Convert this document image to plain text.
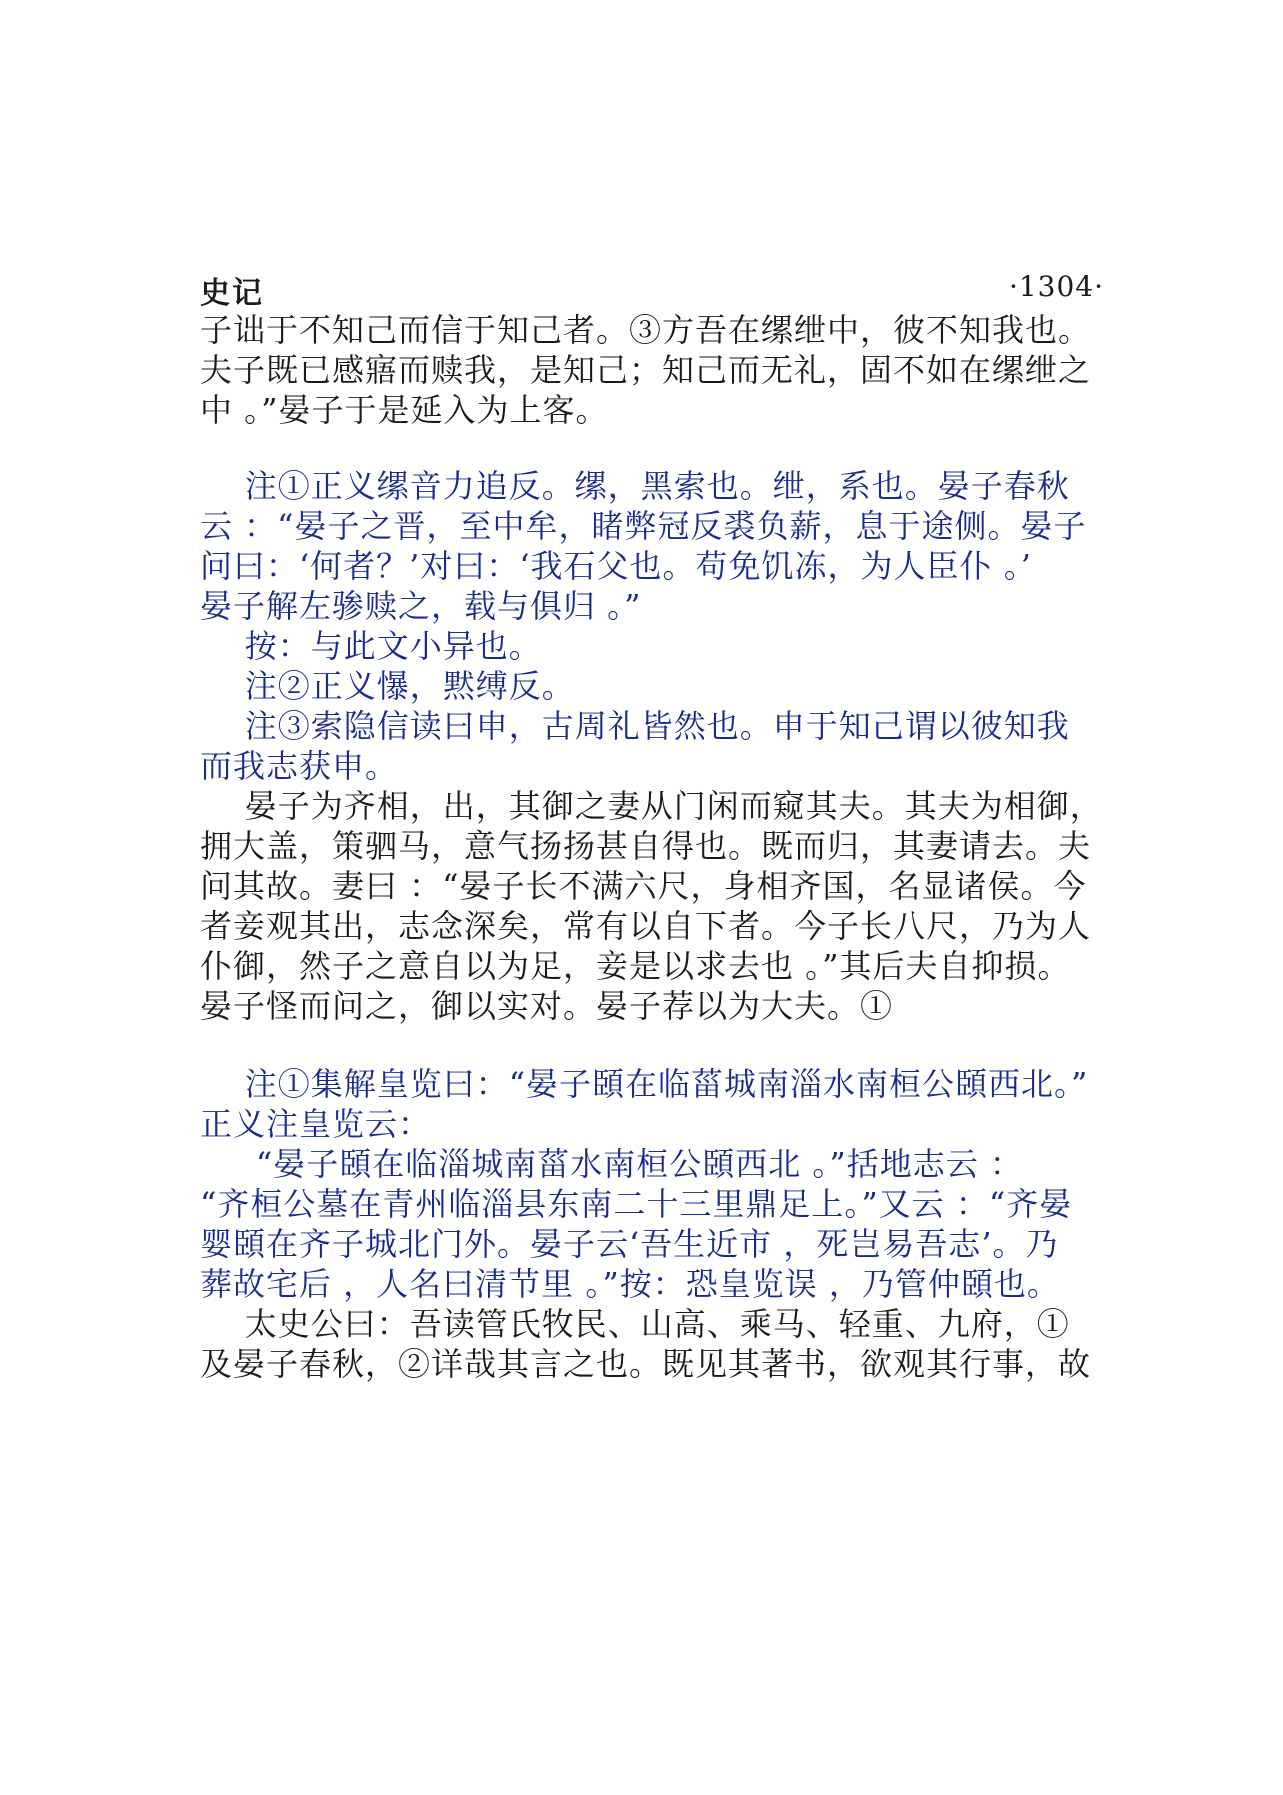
史记	·1304·
子诎于不知己而信于知己者。③方吾在缧绁中，彼不知我也。
夫子既已感寤而赎我，是知己；知己而无礼，固不如在缧绁之
中 。”晏子于是延入为上客。
注①正义缧音力追反。缧，黑索也。绁，系也。晏子春秋
云 ：“晏子之晋，至中牟，睹弊冠反裘负薪，息于途侧。晏子
问曰：‘何者？’对曰：‘我石父也。苟免饥冻，为人臣仆 。’
晏子解左骖赎之，载与俱归 。”
按：与此文小异也。
注②正义懪，黙缚反。
注③索隐信读曰申，古周礼皆然也。申于知己谓以彼知我
而我志获申。
晏子为齐相，出，其御之妻从门闲而窥其夫。其夫为相御，
拥大盖，策驷马，意气扬扬甚自得也。既而归，其妻请去。夫
问其故。妻曰 ：“晏子长不满六尺，身相齐国，名显诸侯。今
者妾观其出，志念深矣，常有以自下者。今子长八尺，乃为人
仆御，然子之意自以为足，妾是以求去也 。”其后夫自抑损。
晏子怪而问之，御以实对。晏子荐以为大夫。①
注①集解皇览曰：“晏子頣在临菑城南淄水南桓公頣西北。”
正义注皇览云：
“晏子頣在临淄城南菑水南桓公頣西北 。”括地志云 ：
“齐桓公墓在青州临淄县东南二十三里鼎足上。”又云 ：“齐晏
婴頣在齐子城北门外。晏子云‘吾生近市 ，死岂易吾志’。乃
葬故宅后 ，人名曰清节里 。”按：恐皇览误 ，乃管仲頣也。
太史公曰：吾读管氏牧民、山高、乘马、轻重、九府，①
及晏子春秋，②详哉其言之也。既见其著书，欲观其行事，故
